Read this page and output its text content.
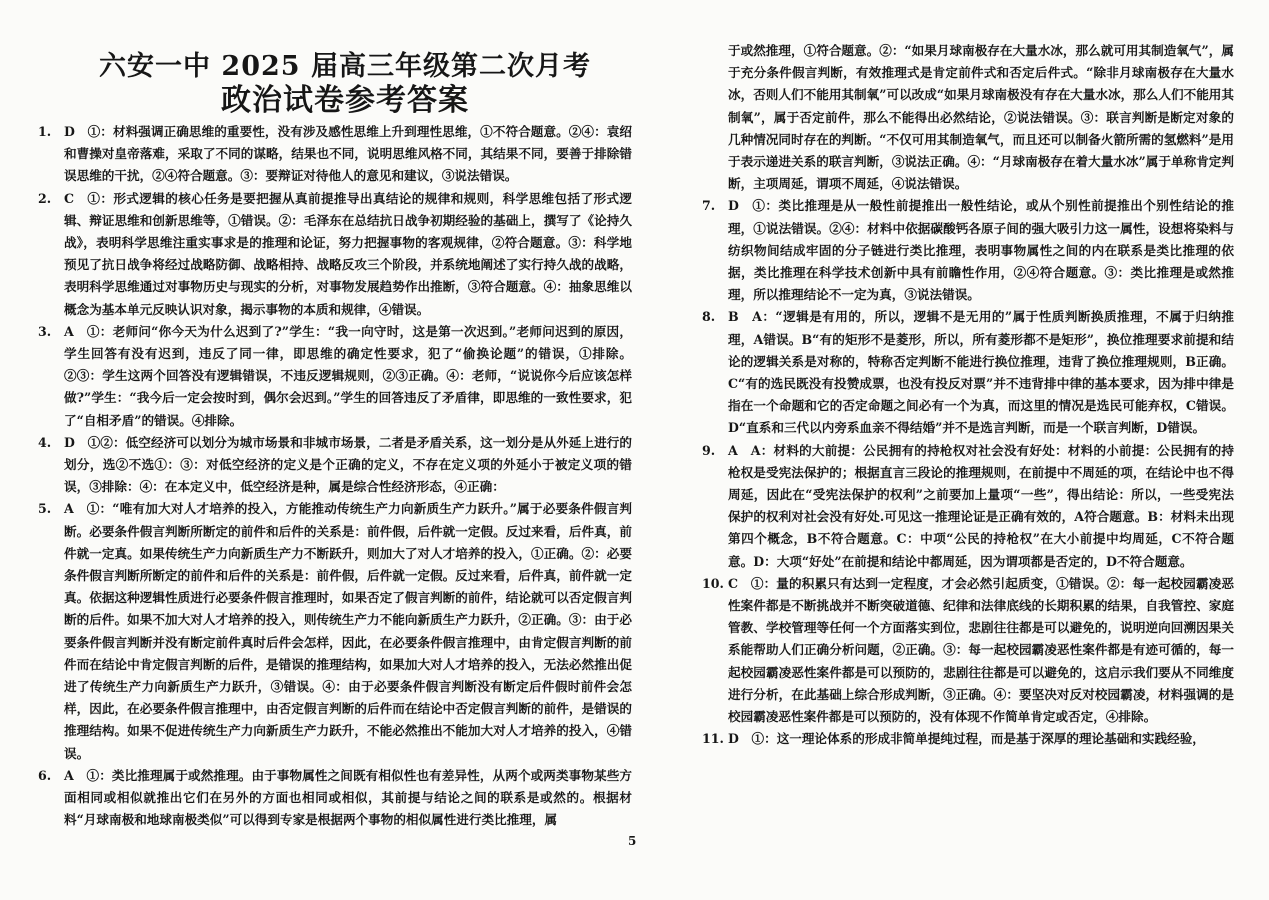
六安一中 2025 届高三年级第二次月考
政治试卷参考答案
1.	D　①：材料强调正确思维的重要性，没有涉及感性思维上升到理性思维，①不符合题意。②④：袁绍和曹操对皇帝落难，采取了不同的谋略，结果也不同，说明思维风格不同，其结果不同，要善于排除错误思维的干扰，②④符合题意。③：要辩证对待他人的意见和建议，③说法错误。
2.	C　①：形式逻辑的核心任务是要把握从真前提推导出真结论的规律和规则，科学思维包括了形式逻辑、辩证思维和创新思维等，①错误。②：毛泽东在总结抗日战争初期经验的基础上，撰写了《论持久战》，表明科学思维注重实事求是的推理和论证，努力把握事物的客观规律，②符合题意。③：科学地预见了抗日战争将经过战略防御、战略相持、战略反攻三个阶段，并系统地阐述了实行持久战的战略，表明科学思维通过对事物历史与现实的分析，对事物发展趋势作出推断，③符合题意。④：抽象思维以概念为基本单元反映认识对象，揭示事物的本质和规律，④错误。
3.	A　①：老师问“你今天为什么迟到了?”学生：“我一向守时，这是第一次迟到。”老师问迟到的原因，学生回答有没有迟到，违反了同一律，即思维的确定性要求，犯了“偷换论题”的错误，①排除。②③：学生这两个回答没有逻辑错误，不违反逻辑规则，②③正确。④：老师，“说说你今后应该怎样做?”学生：“我今后一定会按时到，偶尔会迟到。”学生的回答违反了矛盾律，即思维的一致性要求，犯了“自相矛盾”的错误。④排除。
4.	D　①②：低空经济可以划分为城市场景和非城市场景，二者是矛盾关系，这一划分是从外延上进行的划分，选②不选①：③：对低空经济的定义是个正确的定义，不存在定义项的外延小于被定义项的错误，③排除：④：在本定义中，低空经济是种，属是综合性经济形态，④正确：
5.	A　①：“唯有加大对人才培养的投入，方能推动传统生产力向新质生产力跃升。”属于必要条件假言判断。必要条件假言判断所断定的前件和后件的关系是：前件假，后件就一定假。反过来看，后件真，前件就一定真。如果传统生产力向新质生产力不断跃升，则加大了对人才培养的投入，①正确。②：必要条件假言判断所断定的前件和后件的关系是：前件假，后件就一定假。反过来看，后件真，前件就一定真。依据这种逻辑性质进行必要条件假言推理时，如果否定了假言判断的前件，结论就可以否定假言判断的后件。如果不加大对人才培养的投入，则传统生产力不能向新质生产力跃升，②正确。③：由于必要条件假言判断并没有断定前件真时后件会怎样，因此，在必要条件假言推理中，由肯定假言判断的前件而在结论中肯定假言判断的后件，是错误的推理结构，如果加大对人才培养的投入，无法必然推出促进了传统生产力向新质生产力跃升，③错误。④：由于必要条件假言判断没有断定后件假时前件会怎样，因此，在必要条件假言推理中，由否定假言判断的后件而在结论中否定假言判断的前件，是错误的推理结构。如果不促进传统生产力向新质生产力跃升，不能必然推出不能加大对人才培养的投入，④错误。
6.	A　①：类比推理属于或然推理。由于事物属性之间既有相似性也有差异性，从两个或两类事物某些方面相同或相似就推出它们在另外的方面也相同或相似，其前提与结论之间的联系是或然的。根据材料“月球南极和地球南极类似”可以得到专家是根据两个事物的相似属性进行类比推理，属
于或然推理，①符合题意。②：“如果月球南极存在大量水冰，那么就可用其制造氧气”，属于充分条件假言判断，有效推理式是肯定前件式和否定后件式。“除非月球南极存在大量水冰，否则人们不能用其制氧”可以改成“如果月球南极没有存在大量水冰，那么人们不能用其制氧”，属于否定前件，那么不能得出必然结论，②说法错误。③：联言判断是断定对象的几种情况同时存在的判断。“不仅可用其制造氧气，而且还可以制备火箭所需的氢燃料”是用于表示递进关系的联言判断，③说法正确。④：“月球南极存在着大量水冰”属于单称肯定判断，主项周延，谓项不周延，④说法错误。
7.	D　①：类比推理是从一般性前提推出一般性结论，或从个别性前提推出个别性结论的推理，①说法错误。②④：材料中依据碳酸钙各原子间的强大吸引力这一属性，设想将染料与纺织物间结成牢固的分子链进行类比推理，表明事物属性之间的内在联系是类比推理的依据，类比推理在科学技术创新中具有前瞻性作用，②④符合题意。③：类比推理是或然推理，所以推理结论不一定为真，③说法错误。
8.	B　A：“逻辑是有用的，所以，逻辑不是无用的”属于性质判断换质推理，不属于归纳推理，A错误。B“有的矩形不是菱形，所以，所有菱形都不是矩形”，换位推理要求前提和结论的逻辑关系是对称的，特称否定判断不能进行换位推理，违背了换位推理规则，B正确。C“有的选民既没有投赞成票，也没有投反对票”并不违背排中律的基本要求，因为排中律是指在一个命题和它的否定命题之间必有一个为真，而这里的情况是选民可能弃权，C错误。D“直系和三代以内旁系血亲不得结婚”并不是选言判断，而是一个联言判断，D错误。
9.	A　A：材料的大前提：公民拥有的持枪权对社会没有好处：材料的小前提：公民拥有的持枪权是受宪法保护的；根据直言三段论的推理规则，在前提中不周延的项，在结论中也不得周延，因此在“受宪法保护的权利”之前要加上量项“一些”，得出结论：所以，一些受宪法保护的权利对社会没有好处.可见这一推理论证是正确有效的，A符合题意。B：材料未出现第四个概念，B不符合题意。C：中项“公民的持枪权”在大小前提中均周延，C不符合题意。D：大项“好处”在前提和结论中都周延，因为谓项都是否定的，D不符合题意。
10. C　①：量的积累只有达到一定程度，才会必然引起质变，①错误。②：每一起校园霸凌恶性案件都是不断挑战并不断突破道德、纪律和法律底线的长期积累的结果，自我管控、家庭管教、学校管理等任何一个方面落实到位，悲剧往往都是可以避免的，说明逆向回溯因果关系能帮助人们正确分析问题，②正确。③：每一起校园霸凌恶性案件都是有迹可循的，每一起校园霸凌恶性案件都是可以预防的，悲剧往往都是可以避免的，这启示我们要从不同维度进行分析，在此基础上综合形成判断，③正确。④：要坚决对反对校园霸凌，材料强调的是校园霸凌恶性案件都是可以预防的，没有体现不作简单肯定或否定，④排除。
11. D　①：这一理论体系的形成非简单提纯过程，而是基于深厚的理论基础和实践经验，
5
